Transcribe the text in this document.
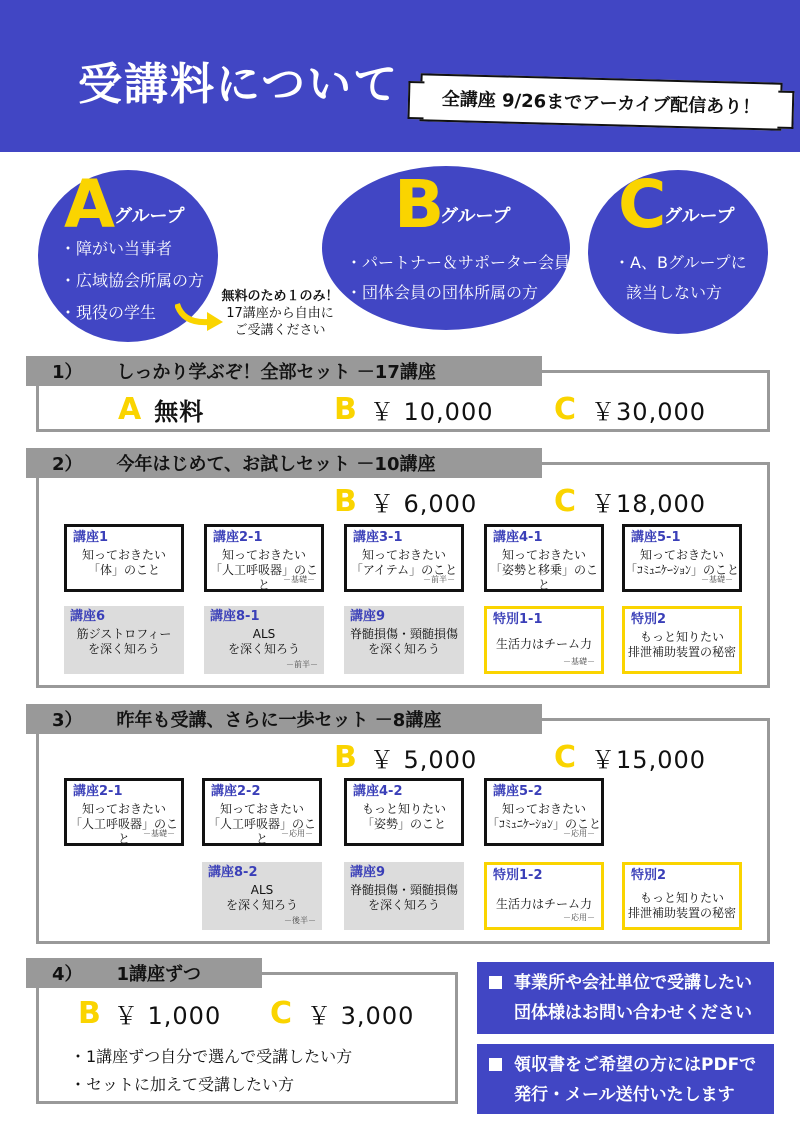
受講料について 全講座 9/26までアーカイブ配信あり！
A
グループ
・障がい当事者
・広域協会所属の方
・現役の学生
B
グループ
・パートナー＆サポーター会員
・団体会員の団体所属の方
C
グループ
・A、Bグループに
該当しない方
無料のため１のみ！
17講座から自由に
ご受講ください
1） しっかり学ぶぞ！全部セット －17講座
A 無料	B ￥ 10,000 C ￥30,000
2） 今年はじめて、お試しセット －10講座
B ￥ 6,000	C ￥18,000
講座1
知っておきたい
「体」のこと
講座2-1
知っておきたい
「人工呼吸器」のこと	－基礎－
講座3-1
知っておきたい
「アイテム」のこと
－前半－
講座4-1
知っておきたい
「姿勢と移乗」のこと
講座5-1
知っておきたい
「ｺﾐｭﾆｹｰｼｮﾝ」のこと
－基礎－
講座6
筋ジストロフィー
を深く知ろう
講座8-1
ALS
を深く知ろう
－前半－
講座9
脊髄損傷・頸髄損傷
を深く知ろう
特別1-1
生活力はチーム力
－基礎－
特別2
もっと知りたい
排泄補助装置の秘密
3） 昨年も受講、さらに一歩セット －8講座
B ￥ 5,000	C ￥15,000
講座2-1
知っておきたい
「人工呼吸器」のこと	－基礎－
講座2-2
知っておきたい
「人工呼吸器」のこと	－応用－
講座4-2
もっと知りたい
「姿勢」のこと
講座5-2
知っておきたい
「ｺﾐｭﾆｹｰｼｮﾝ」のこと
－応用－
講座8-2
ALS
を深く知ろう
－後半－
講座9
脊髄損傷・頸髄損傷
を深く知ろう
特別1-2
生活力はチーム力
－応用－
特別2
もっと知りたい
排泄補助装置の秘密
4） 1講座ずつ
B ￥ 1,000 C ￥ 3,000
・1講座ずつ自分で選んで受講したい方
・セットに加えて受講したい方
事業所や会社単位で受講したい
団体様はお問い合わせください
領収書をご希望の方にはPDFで
発行・メール送付いたします
